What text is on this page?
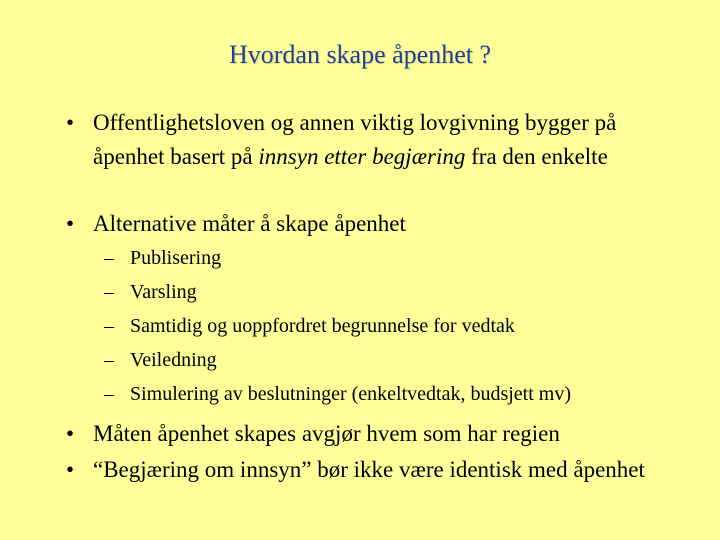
Hvordan skape åpenhet ?
• Offentlighetsloven og annen viktig lovgivning bygger på åpenhet basert på innsyn etter begjæring fra den enkelte
• Alternative måter å skape åpenhet
– Publisering
– Varsling
– Samtidig og uoppfordret begrunnelse for vedtak
– Veiledning
– Simulering av beslutninger (enkeltvedtak, budsjett mv)
• Måten åpenhet skapes avgjør hvem som har regien
• “Begjæring om innsyn” bør ikke være identisk med åpenhet
